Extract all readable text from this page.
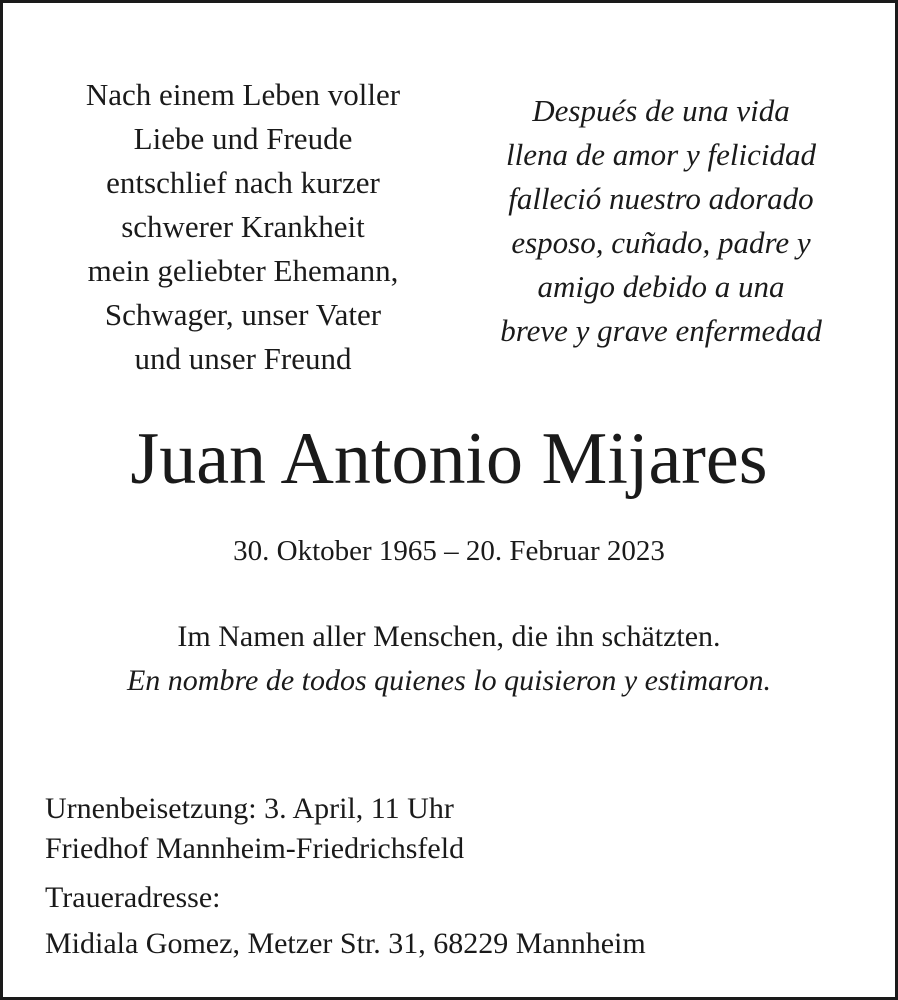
Nach einem Leben voller
Liebe und Freude
entschlief nach kurzer
schwerer Krankheit
mein geliebter Ehemann,
Schwager, unser Vater
und unser Freund
Después de una vida
llena de amor y felicidad
falleció nuestro adorado
esposo, cuñado, padre y
amigo debido a una
breve y grave enfermedad
Juan Antonio Mijares
30. Oktober 1965 – 20. Februar 2023
Im Namen aller Menschen, die ihn schätzten.
En nombre de todos quienes lo quisieron y estimaron.
Urnenbeisetzung: 3. April, 11 Uhr
Friedhof Mannheim-Friedrichsfeld
Traueradresse:
Midiala Gomez, Metzer Str. 31, 68229 Mannheim
